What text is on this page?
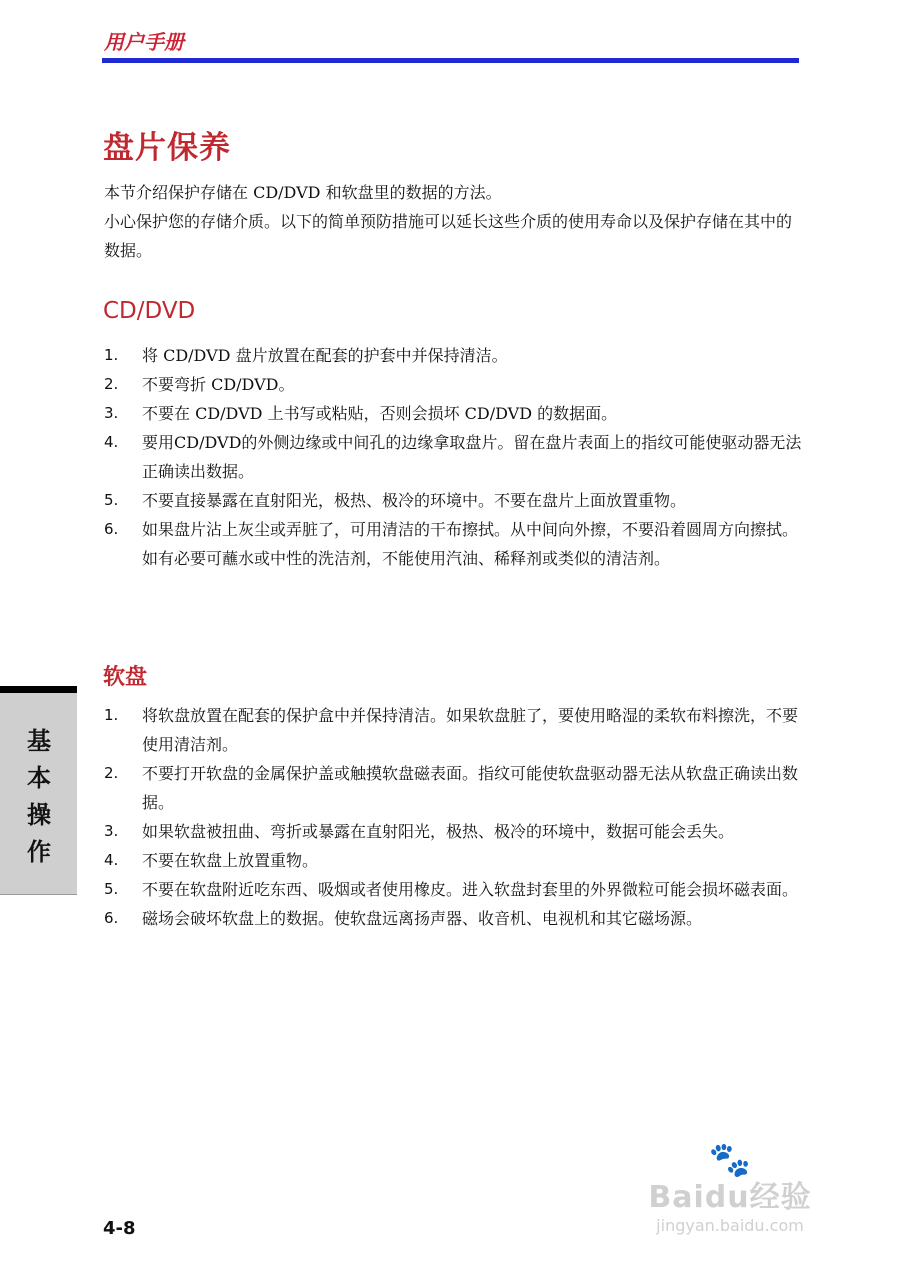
用户手册
盘片保养

本节介绍保护存储在 CD/DVD 和软盘里的数据的方法。

小心保护您的存储介质。以下的简单预防措施可以延长这些介质的使用寿命以及保护存储在其中的数据。

CD/DVD
1.	将 CD/DVD 盘片放置在配套的护套中并保持清洁。
2.	不要弯折 CD/DVD。
3.	不要在 CD/DVD 上书写或粘贴，否则会损坏 CD/DVD 的数据面。
4.	要用CD/DVD的外侧边缘或中间孔的边缘拿取盘片。留在盘片表面上的指纹可能使驱动器无法正确读出数据。
5.	不要直接暴露在直射阳光，极热、极冷的环境中。不要在盘片上面放置重物。
6.	如果盘片沾上灰尘或弄脏了，可用清洁的干布擦拭。从中间向外擦，不要沿着圆周方向擦拭。如有必要可蘸水或中性的洗洁剂，不能使用汽油、稀释剂或类似的清洁剂。
软盘
1.	将软盘放置在配套的保护盒中并保持清洁。如果软盘脏了，要使用略湿的柔软布料擦洗，不要使用清洁剂。
2.	不要打开软盘的金属保护盖或触摸软盘磁表面。指纹可能使软盘驱动器无法从软盘正确读出数据。
3.	如果软盘被扭曲、弯折或暴露在直射阳光，极热、极冷的环境中，数据可能会丢失。
4.	不要在软盘上放置重物。
5.	不要在软盘附近吃东西、吸烟或者使用橡皮。进入软盘封套里的外界微粒可能会损坏磁表面。
6.	磁场会破坏软盘上的数据。使软盘远离扬声器、收音机、电视机和其它磁场源。
基本操作
4-8
🐾
Baidu经验
jingyan.baidu.com
